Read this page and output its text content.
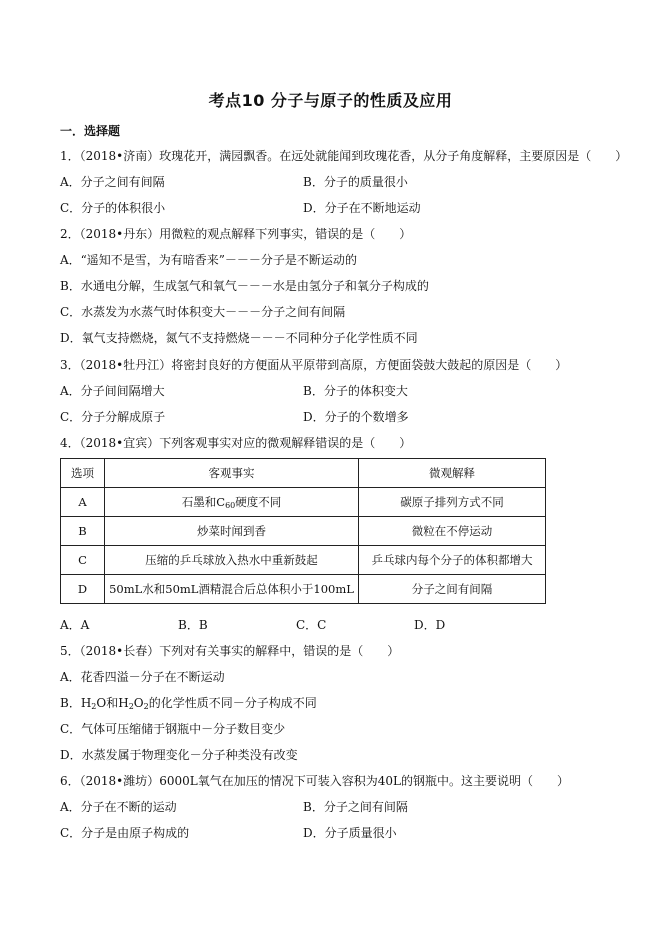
考点10 分子与原子的性质及应用
一．选择题
1．（2018•济南）玫瑰花开，满园飘香。在远处就能闻到玫瑰花香，从分子角度解释，主要原因是（　　）
A．分子之间有间隔	B．分子的质量很小
C．分子的体积很小	D．分子在不断地运动
2．（2018•丹东）用微粒的观点解释下列事实，错误的是（　　）
A．“遥知不是雪，为有暗香来”－－－分子是不断运动的
B．水通电分解，生成氢气和氧气－－－水是由氢分子和氧分子构成的
C．水蒸发为水蒸气时体积变大－－－分子之间有间隔
D．氧气支持燃烧，氮气不支持燃烧－－－不同种分子化学性质不同
3．（2018•牡丹江）将密封良好的方便面从平原带到高原，方便面袋鼓大鼓起的原因是（　　）
A．分子间间隔增大	B．分子的体积变大
C．分子分解成原子	D．分子的个数增多
4．（2018•宜宾）下列客观事实对应的微观解释错误的是（　　）
选项	客观事实	微观解释
A	石墨和$C_{60}$硬度不同	碳原子排列方式不同
B	炒菜时闻到香	微粒在不停运动
C	压缩的乒乓球放入热水中重新鼓起	乒乓球内每个分子的体积都增大
D	50mL水和50mL酒精混合后总体积小于100mL	分子之间有间隔
A．A	B．B	C．C	D．D
5．（2018•长春）下列对有关事实的解释中，错误的是（　　）
A．花香四溢－分子在不断运动
B．$H_2O$和$H_2O_2$的化学性质不同－分子构成不同
C．气体可压缩储于钢瓶中－分子数目变少
D．水蒸发属于物理变化－分子种类没有改变
6．（2018•潍坊）6000L氧气在加压的情况下可装入容积为40L的钢瓶中。这主要说明（　　）
A．分子在不断的运动	B．分子之间有间隔
C．分子是由原子构成的	D．分子质量很小
